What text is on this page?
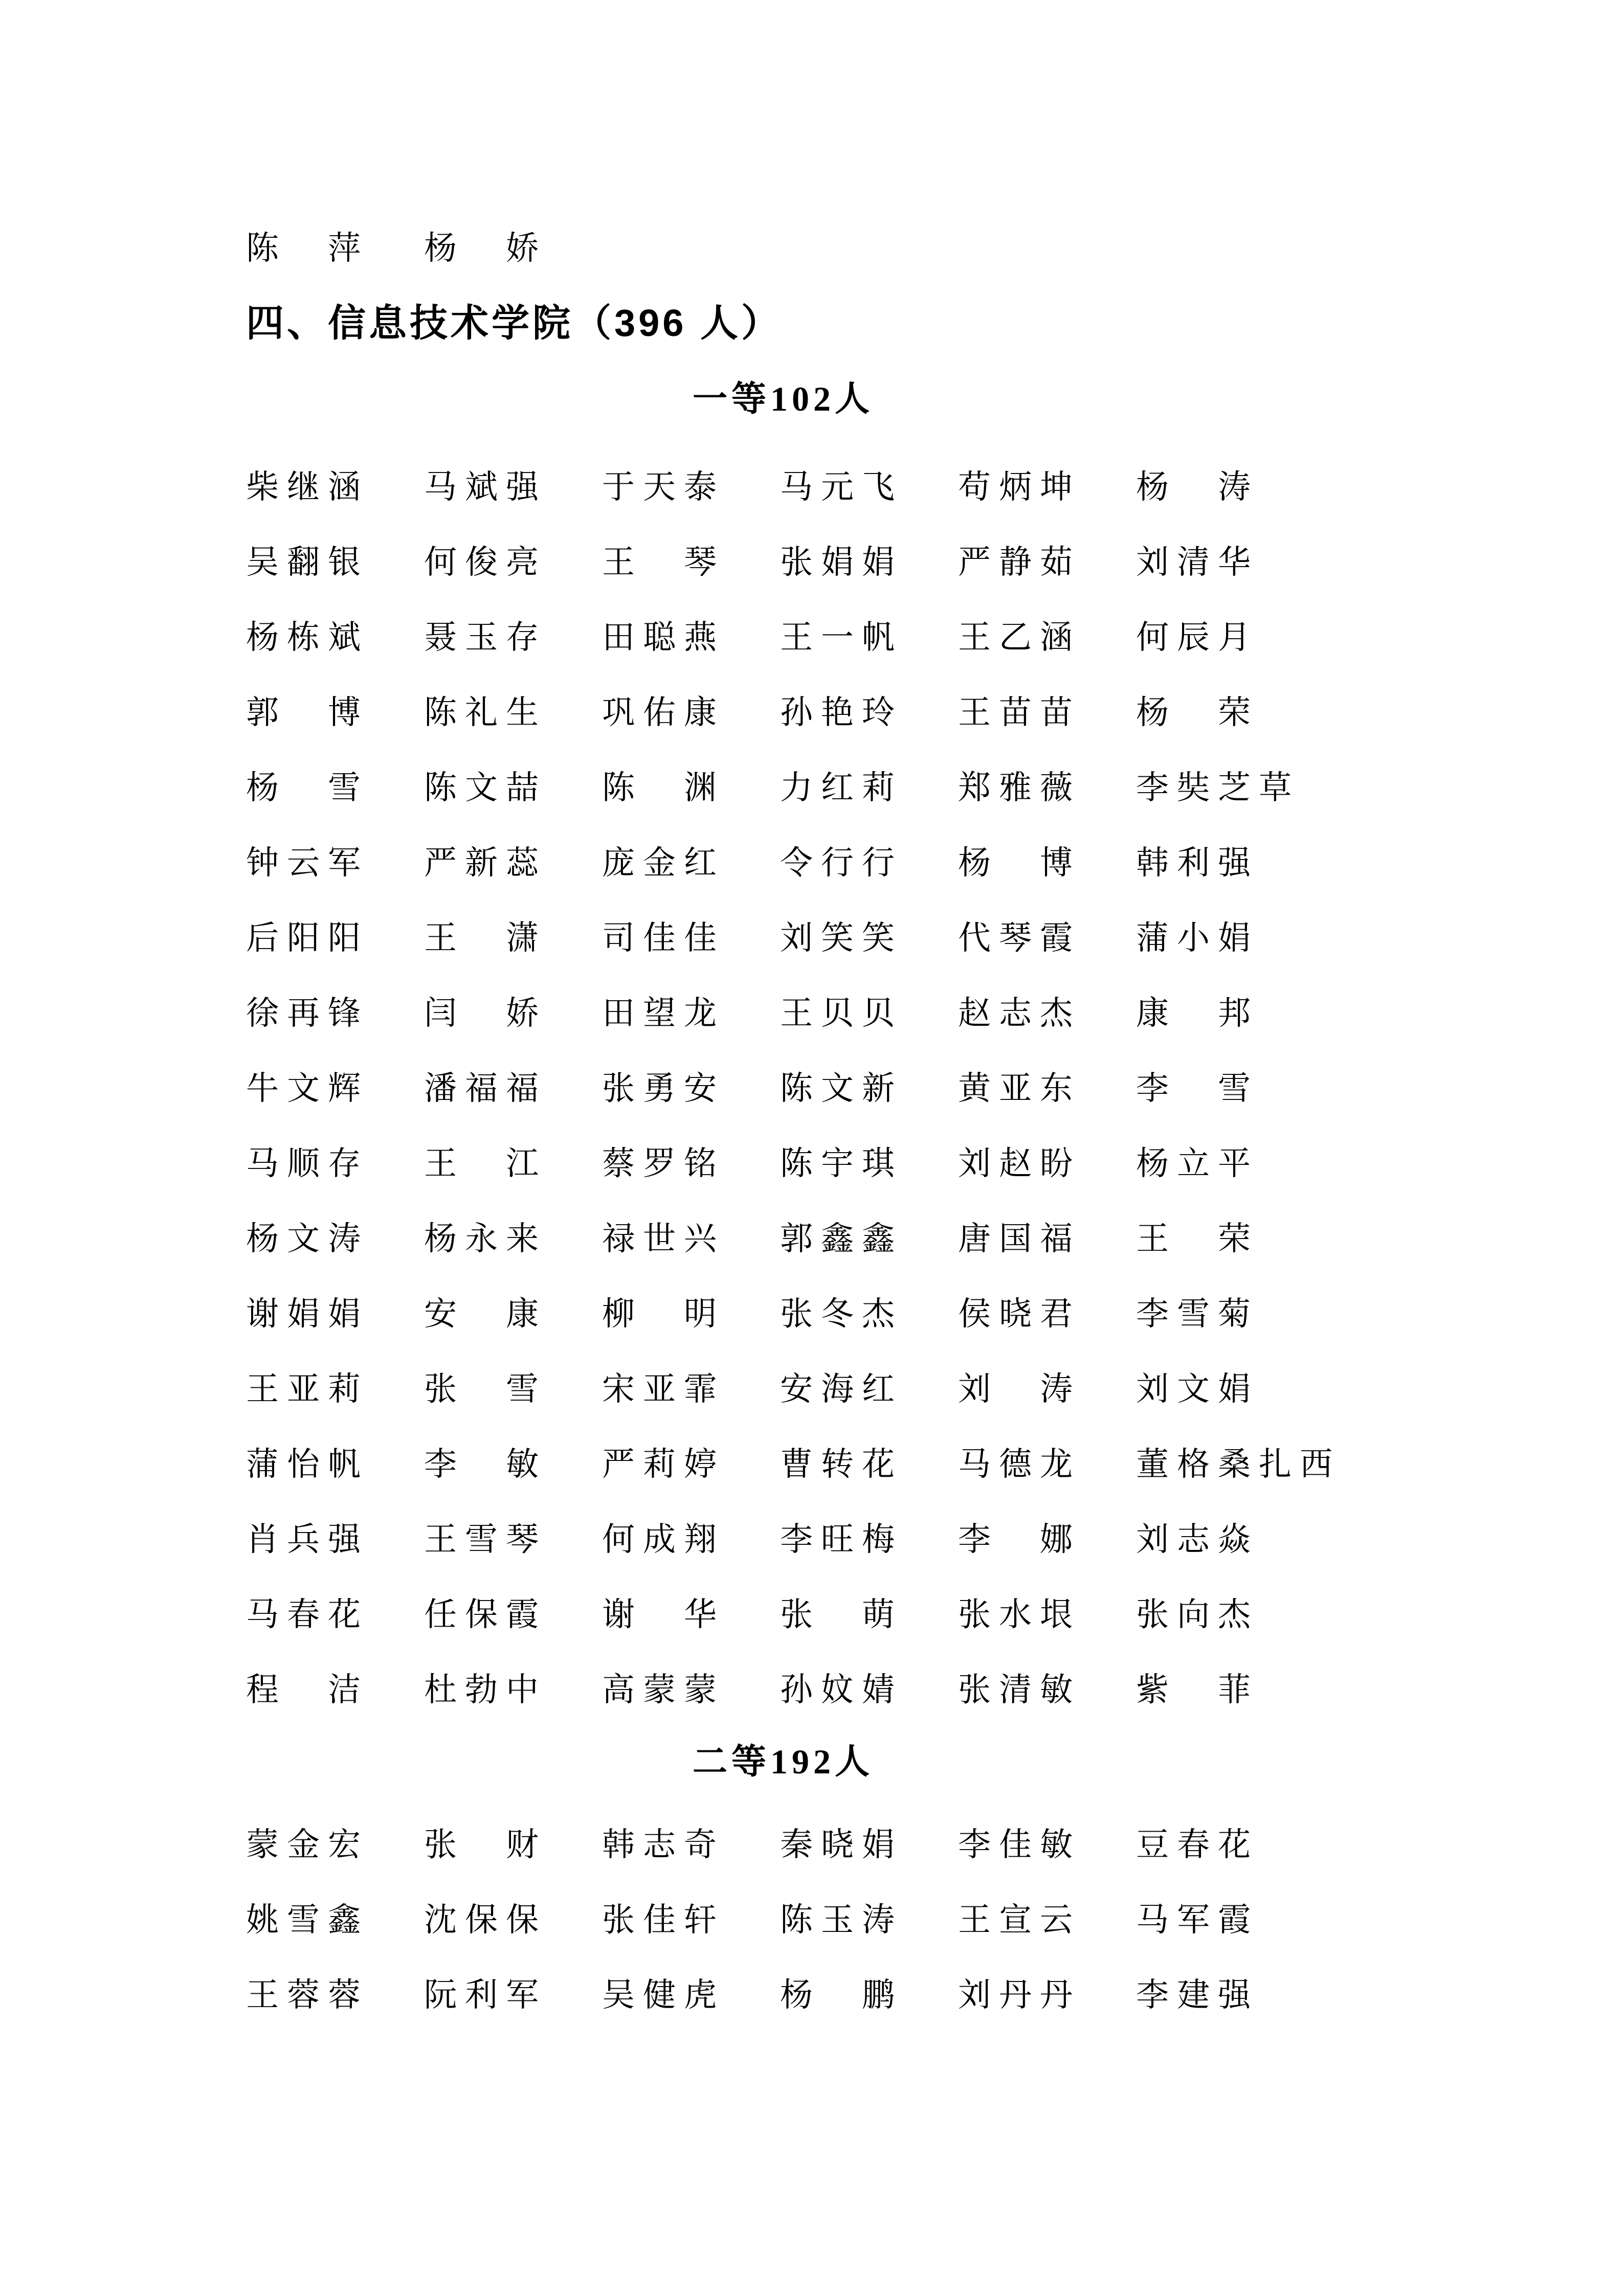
陈　萍	杨　娇
四、信息技术学院（396 人）
一等102人
柴继涵	马斌强	于天泰	马元飞	苟炳坤	杨　涛
吴翻银	何俊亮	王　琴	张娟娟	严静茹	刘清华
杨栋斌	聂玉存	田聪燕	王一帆	王乙涵	何辰月
郭　博	陈礼生	巩佑康	孙艳玲	王苗苗	杨　荣
杨　雪	陈文喆	陈　渊	力红莉	郑雅薇	李奘芝草
钟云军	严新蕊	庞金红	令行行	杨　博	韩利强
后阳阳	王　潇	司佳佳	刘笑笑	代琴霞	蒲小娟
徐再锋	闫　娇	田望龙	王贝贝	赵志杰	康　邦
牛文辉	潘福福	张勇安	陈文新	黄亚东	李　雪
马顺存	王　江	蔡罗铭	陈宇琪	刘赵盼	杨立平
杨文涛	杨永来	禄世兴	郭鑫鑫	唐国福	王　荣
谢娟娟	安　康	柳　明	张冬杰	侯晓君	李雪菊
王亚莉	张　雪	宋亚霏	安海红	刘　涛	刘文娟
蒲怡帆	李　敏	严莉婷	曹转花	马德龙	董格桑扎西
肖兵强	王雪琴	何成翔	李旺梅	李　娜	刘志焱
马春花	任保霞	谢　华	张　萌	张水垠	张向杰
程　洁	杜勃中	高蒙蒙	孙妏婧	张清敏	紫　菲
二等192人
蒙金宏	张　财	韩志奇	秦晓娟	李佳敏	豆春花
姚雪鑫	沈保保	张佳轩	陈玉涛	王宣云	马军霞
王蓉蓉	阮利军	吴健虎	杨　鹏	刘丹丹	李建强
